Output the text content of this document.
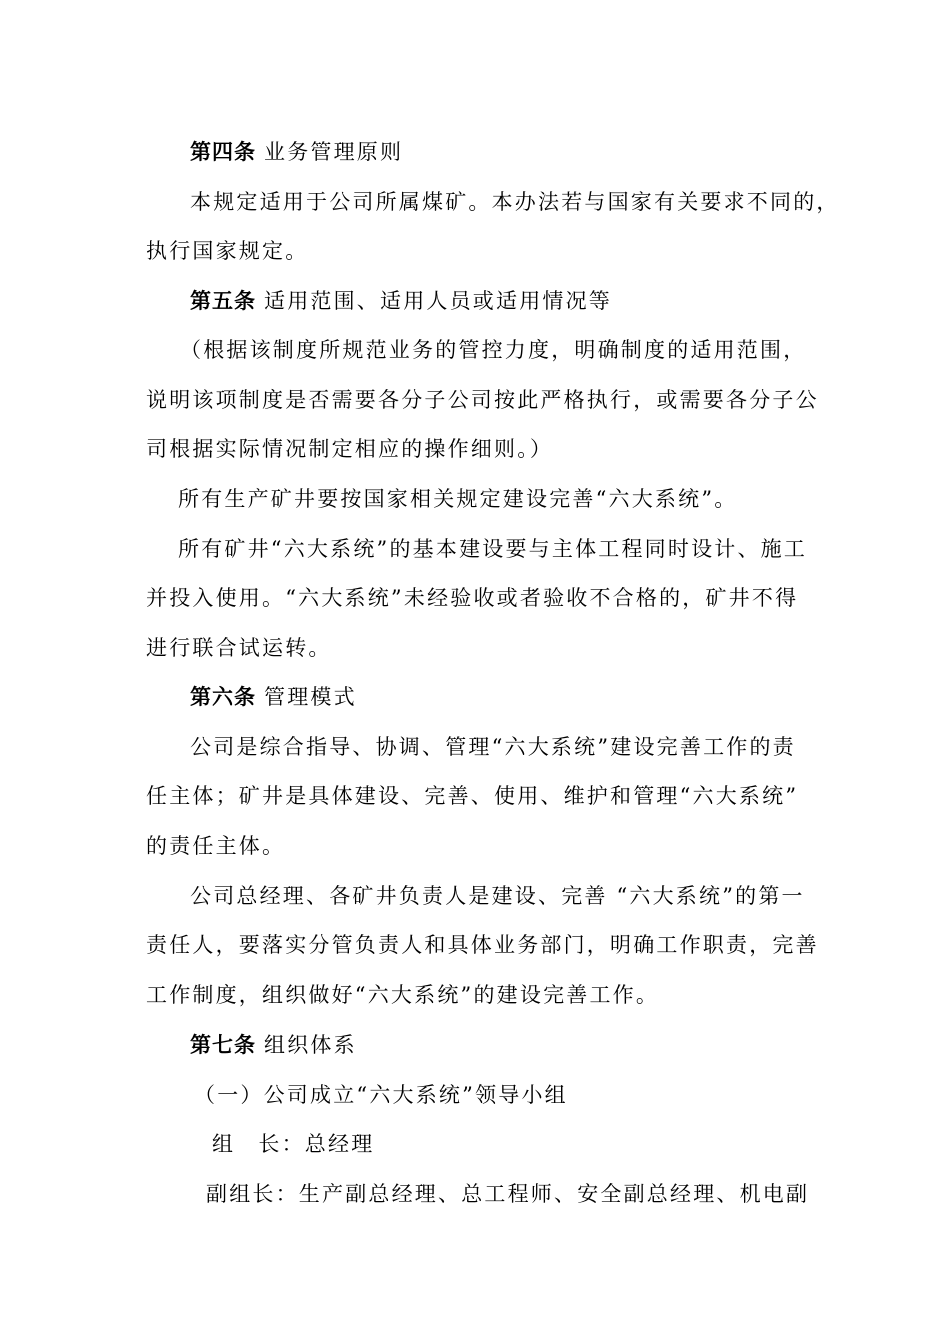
第四条 业务管理原则
本规定适用于公司所属煤矿。本办法若与国家有关要求不同的，
执行国家规定。
第五条 适用范围、适用人员或适用情况等
（根据该制度所规范业务的管控力度，明确制度的适用范围，
说明该项制度是否需要各分子公司按此严格执行，或需要各分子公
司根据实际情况制定相应的操作细则。）
所有生产矿井要按国家相关规定建设完善“六大系统”。
所有矿井“六大系统”的基本建设要与主体工程同时设计、施工
并投入使用。“六大系统”未经验收或者验收不合格的，矿井不得
进行联合试运转。
第六条 管理模式
公司是综合指导、协调、管理“六大系统”建设完善工作的责
任主体；矿井是具体建设、完善、使用、维护和管理“六大系统”
的责任主体。
公司总经理、各矿井负责人是建设、完善 “六大系统”的第一
责任人，要落实分管负责人和具体业务部门，明确工作职责，完善
工作制度，组织做好“六大系统”的建设完善工作。
第七条 组织体系
（一）公司成立“六大系统”领导小组
组　长：总经理
副组长：生产副总经理、总工程师、安全副总经理、机电副
